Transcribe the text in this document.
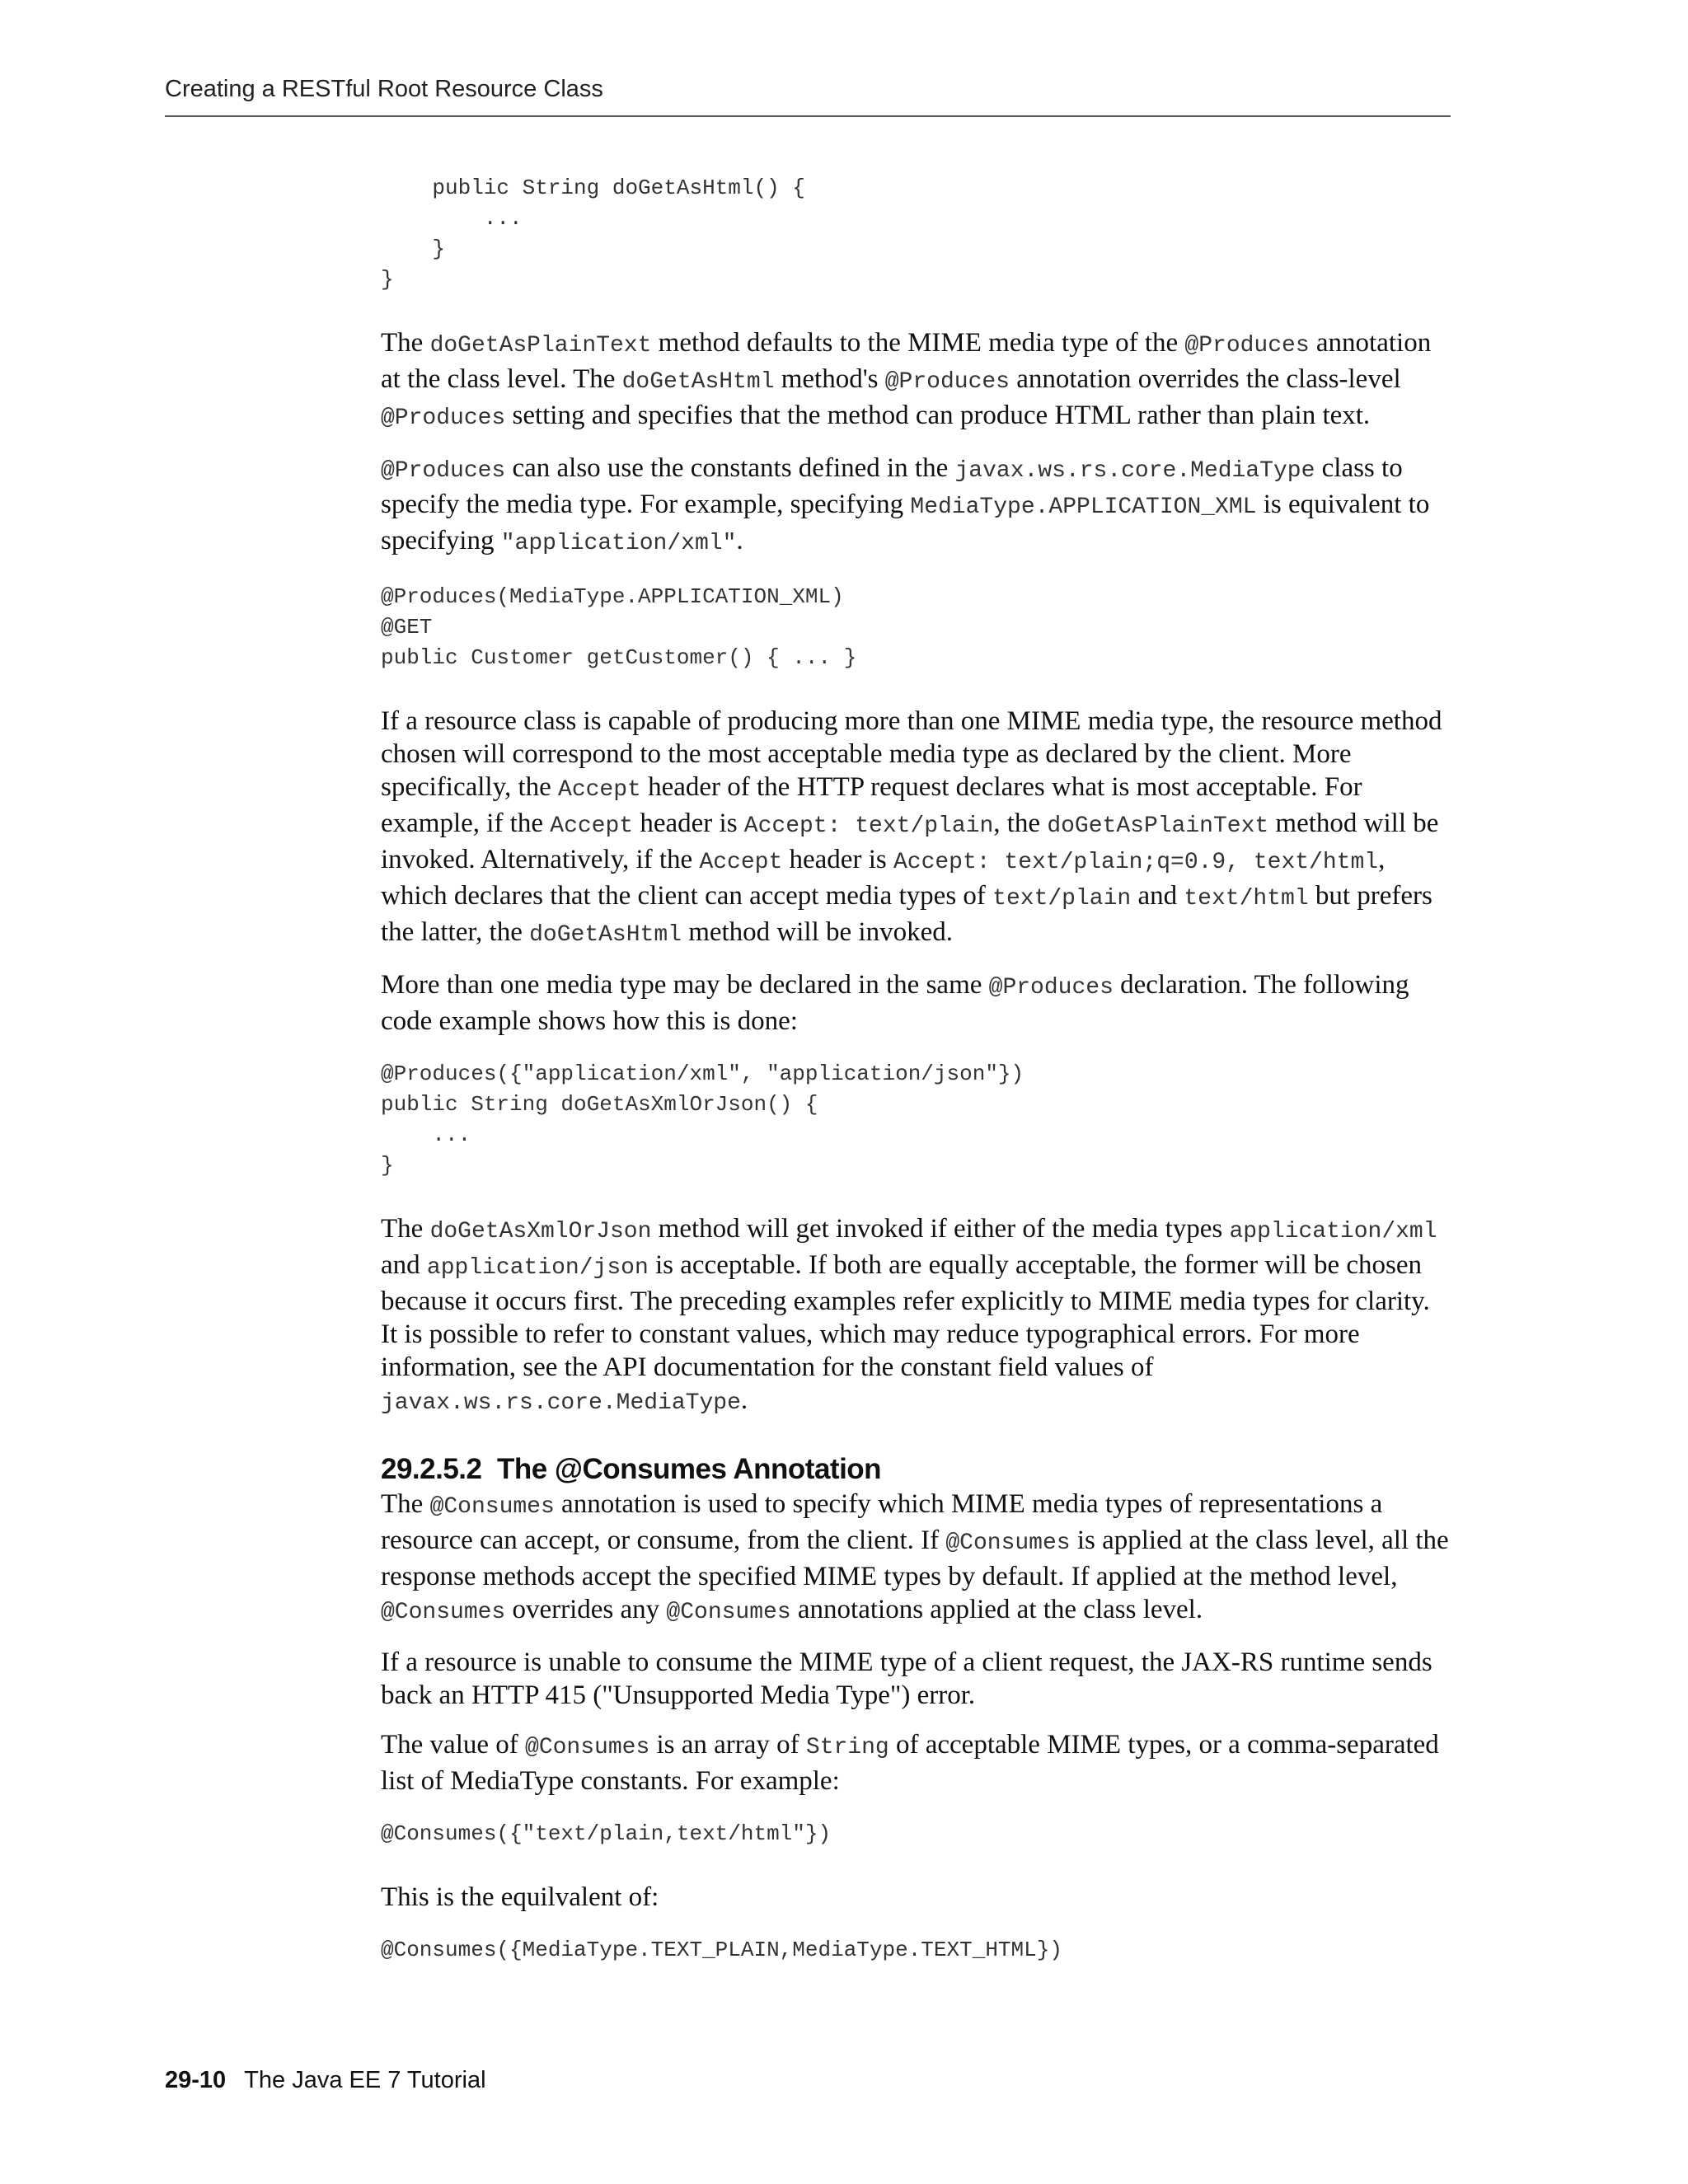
Creating a RESTful Root Resource Class
public String doGetAsHtml() {
...
}
}

The doGetAsPlainText method defaults to the MIME media type of the @Produces annotation at the class level. The doGetAsHtml method's @Produces annotation overrides the class-level @Produces setting and specifies that the method can produce HTML rather than plain text.

@Produces can also use the constants defined in the javax.ws.rs.core.MediaType class to specify the media type. For example, specifying MediaType.APPLICATION_XML is equivalent to specifying "application/xml".

@Produces(MediaType.APPLICATION_XML)
@GET
public Customer getCustomer() { ... }

If a resource class is capable of producing more than one MIME media type, the resource method chosen will correspond to the most acceptable media type as declared by the client. More specifically, the Accept header of the HTTP request declares what is most acceptable. For example, if the Accept header is Accept: text/plain, the doGetAsPlainText method will be invoked. Alternatively, if the Accept header is Accept: text/plain;q=0.9, text/html, which declares that the client can accept media types of text/plain and text/html but prefers the latter, the doGetAsHtml method will be invoked.

More than one media type may be declared in the same @Produces declaration. The following code example shows how this is done:

@Produces({"application/xml", "application/json"})
public String doGetAsXmlOrJson() {
...
}

The doGetAsXmlOrJson method will get invoked if either of the media types application/xml and application/json is acceptable. If both are equally acceptable, the former will be chosen because it occurs first. The preceding examples refer explicitly to MIME media types for clarity. It is possible to refer to constant values, which may reduce typographical errors. For more information, see the API documentation for the constant field values of javax.ws.rs.core.MediaType.

29.2.5.2 The @Consumes Annotation

The @Consumes annotation is used to specify which MIME media types of representations a resource can accept, or consume, from the client. If @Consumes is applied at the class level, all the response methods accept the specified MIME types by default. If applied at the method level, @Consumes overrides any @Consumes annotations applied at the class level.

If a resource is unable to consume the MIME type of a client request, the JAX-RS runtime sends back an HTTP 415 ("Unsupported Media Type") error.

The value of @Consumes is an array of String of acceptable MIME types, or a comma-separated list of MediaType constants. For example:

@Consumes({"text/plain,text/html"})

This is the equilvalent of:

@Consumes({MediaType.TEXT_PLAIN,MediaType.TEXT_HTML})
29-10 The Java EE 7 Tutorial
